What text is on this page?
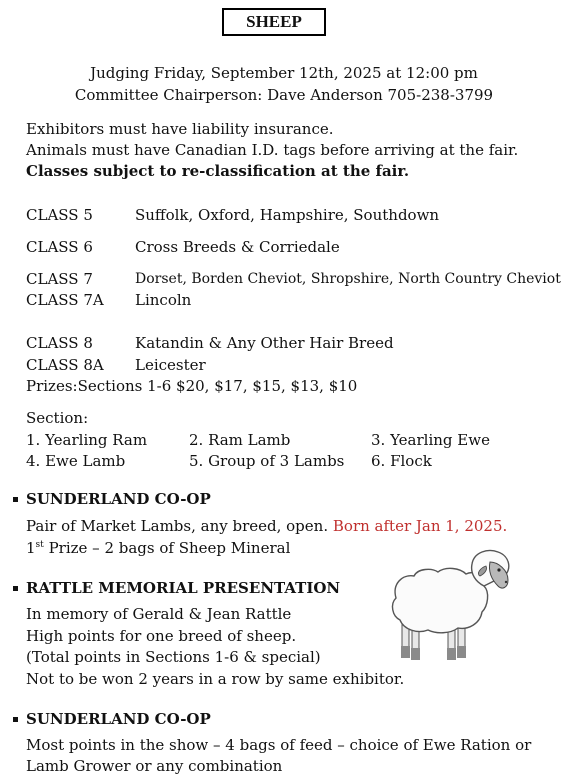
SHEEP
Judging Friday, September 12th, 2025 at 12:00 pm
Committee Chairperson: Dave Anderson 705-238-3799
Exhibitors must have liability insurance.
Animals must have Canadian I.D. tags before arriving at the fair.
Classes subject to re-classification at the fair.
CLASS 5	Suffolk, Oxford, Hampshire, Southdown
CLASS 6	Cross Breeds & Corriedale
CLASS 7	Dorset, Borden Cheviot, Shropshire, North Country Cheviot
CLASS 7A Lincoln
CLASS 8	Katandin & Any Other Hair Breed
CLASS 8A Leicester
Prizes:Sections 1-6 $20, $17, $15, $13, $10
Section:
1. Yearling Ram	2. Ram Lamb	3. Yearling Ewe
4. Ewe Lamb	5. Group of 3 Lambs 6. Flock
SUNDERLAND CO-OP
Pair of Market Lambs, any breed, open. Born after Jan 1, 2025.
1st Prize – 2 bags of Sheep Mineral
RATTLE MEMORIAL PRESENTATION
In memory of Gerald & Jean Rattle
High points for one breed of sheep.
(Total points in Sections 1-6 & special)
Not to be won 2 years in a row by same exhibitor.
SUNDERLAND CO-OP
Most points in the show – 4 bags of feed – choice of Ewe Ration or
Lamb Grower or any combination
